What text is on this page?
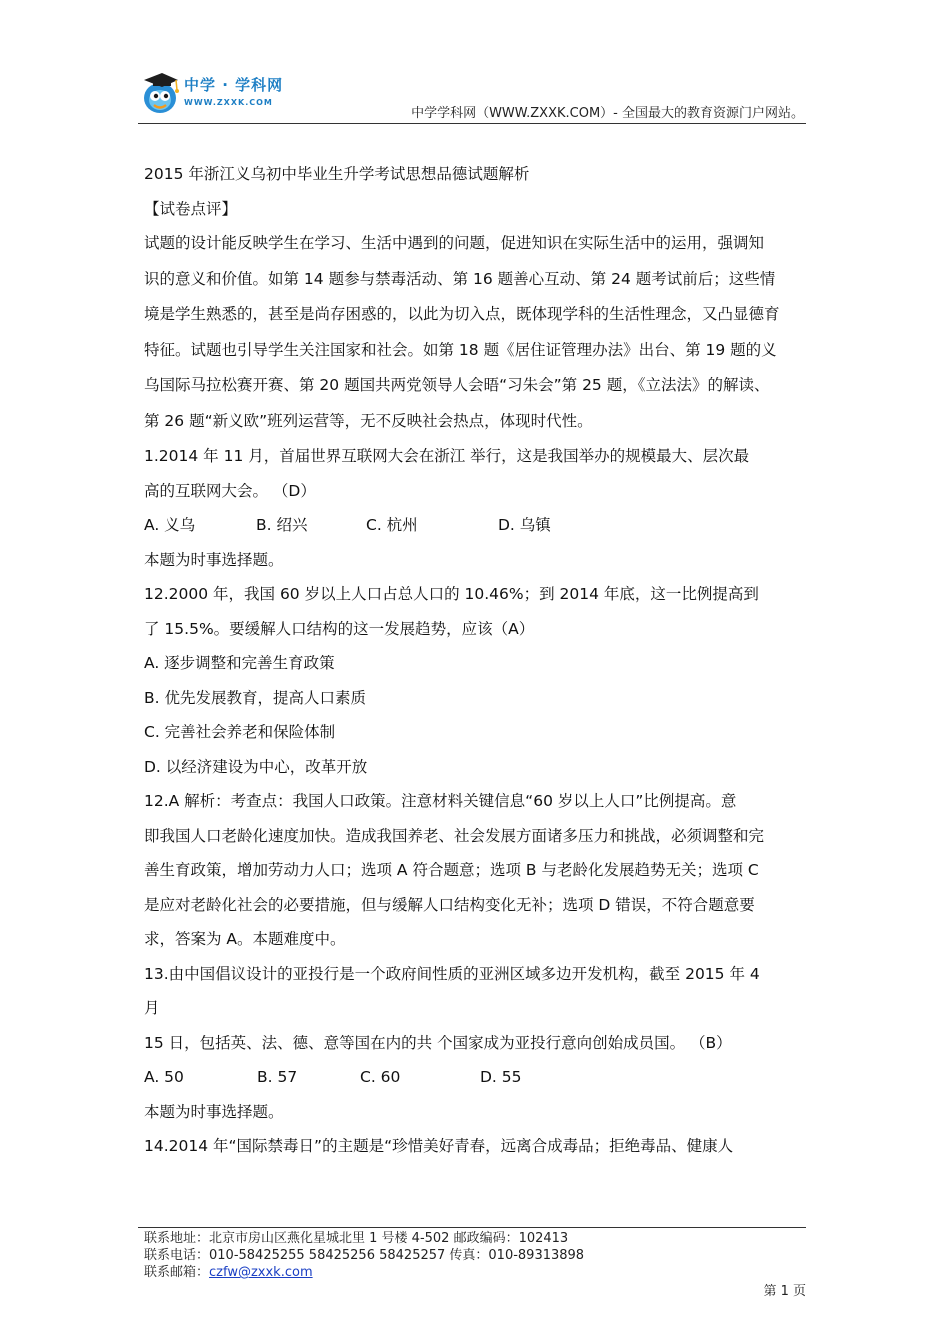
中学 · 学科网
WWW.ZXXK.COM
中学学科网（WWW.ZXXK.COM）- 全国最大的教育资源门户网站。
2015 年浙江义乌初中毕业生升学考试思想品德试题解析
【试卷点评】
试题的设计能反映学生在学习、生活中遇到的问题，促进知识在实际生活中的运用，强调知
识的意义和价值。如第 14 题参与禁毒活动、第 16 题善心互动、第 24 题考试前后；这些情
境是学生熟悉的，甚至是尚存困惑的，以此为切入点，既体现学科的生活性理念，又凸显德育
特征。试题也引导学生关注国家和社会。如第 18 题《居住证管理办法》出台、第 19 题的义
乌国际马拉松赛开赛、第 20 题国共两党领导人会晤“习朱会”第 25 题，《立法法》的解读、
第 26 题“新义欧”班列运营等，无不反映社会热点，体现时代性。
1.2014 年 11 月，首届世界互联网大会在浙江 举行，这是我国举办的规模最大、层次最
高的互联网大会。 （D）
A. 义乌	B. 绍兴	C. 杭州	D. 乌镇
本题为时事选择题。
12.2000 年，我国 60 岁以上人口占总人口的 10.46%；到 2014 年底，这一比例提高到
了 15.5%。要缓解人口结构的这一发展趋势，应该（A）
A. 逐步调整和完善生育政策
B. 优先发展教育，提高人口素质
C. 完善社会养老和保险体制
D. 以经济建设为中心，改革开放
12.A 解析：考查点：我国人口政策。注意材料关键信息“60 岁以上人口”比例提高。意
即我国人口老龄化速度加快。造成我国养老、社会发展方面诸多压力和挑战，必须调整和完
善生育政策，增加劳动力人口；选项 A 符合题意；选项 B 与老龄化发展趋势无关；选项 C
是应对老龄化社会的必要措施，但与缓解人口结构变化无补；选项 D 错误，不符合题意要
求，答案为 A。本题难度中。
13.由中国倡议设计的亚投行是一个政府间性质的亚洲区域多边开发机构，截至 2015 年 4
月
15 日，包括英、法、德、意等国在内的共 个国家成为亚投行意向创始成员国。 （B）
A. 50	B. 57	C. 60	D. 55
本题为时事选择题。
14.2014 年“国际禁毒日”的主题是“珍惜美好青春，远离合成毒品；拒绝毒品、健康人
联系地址：北京市房山区燕化星城北里 1 号楼 4-502 邮政编码：102413
联系电话：010-58425255 58425256 58425257 传真：010-89313898
联系邮箱：czfw@zxxk.com
第 1 页
